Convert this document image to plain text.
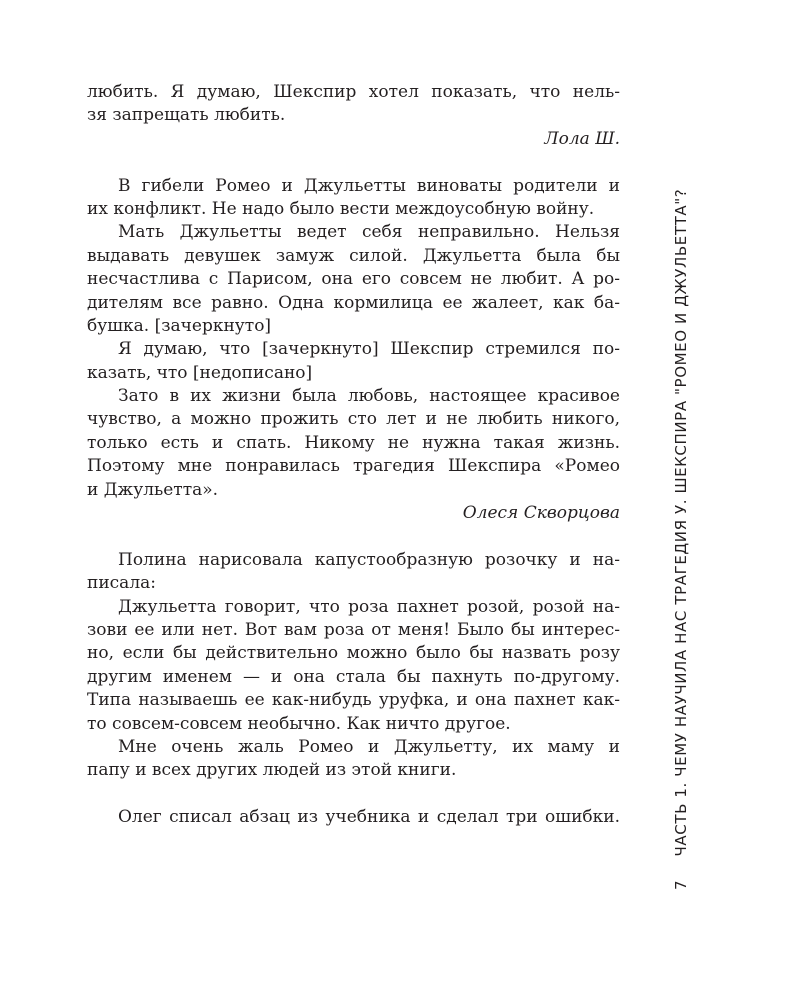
любить. Я думаю, Шекспир хотел показать, что нель-
зя запрещать любить.
Лола Ш.
В гибели Ромео и Джульетты виноваты родители и
их конфликт. Не надо было вести междоусобную войну.
Мать Джульетты ведет себя неправильно. Нельзя
выдавать девушек замуж силой. Джульетта была бы
несчастлива с Парисом, она его совсем не любит. А ро-
дителям все равно. Одна кормилица ее жалеет, как ба-
бушка. [зачеркнуто]
Я думаю, что [зачеркнуто] Шекспир стремился по-
казать, что [недописано]
Зато в их жизни была любовь, настоящее красивое
чувство, а можно прожить сто лет и не любить никого,
только есть и спать. Никому не нужна такая жизнь.
Поэтому мне понравилась трагедия Шекспира «Ромео
и Джульетта».
Олеся Скворцова
Полина нарисовала капустообразную розочку и на-
писала:
Джульетта говорит, что роза пахнет розой, розой на-
зови ее или нет. Вот вам роза от меня! Было бы интерес-
но, если бы действительно можно было бы назвать розу
другим именем — и она стала бы пахнуть по-другому.
Типа называешь ее как-нибудь уруфка, и она пахнет как-
то совсем-совсем необычно. Как ничто другое.
Мне очень жаль Ромео и Джульетту, их маму и
папу и всех других людей из этой книги.
Олег списал абзац из учебника и сделал три ошибки.
7 ЧАСТЬ 1. ЧЕМУ НАУЧИЛА НАС ТРАГЕДИЯ У. ШЕКСПИРА "РОМЕО И ДЖУЛЬЕТТА"?
